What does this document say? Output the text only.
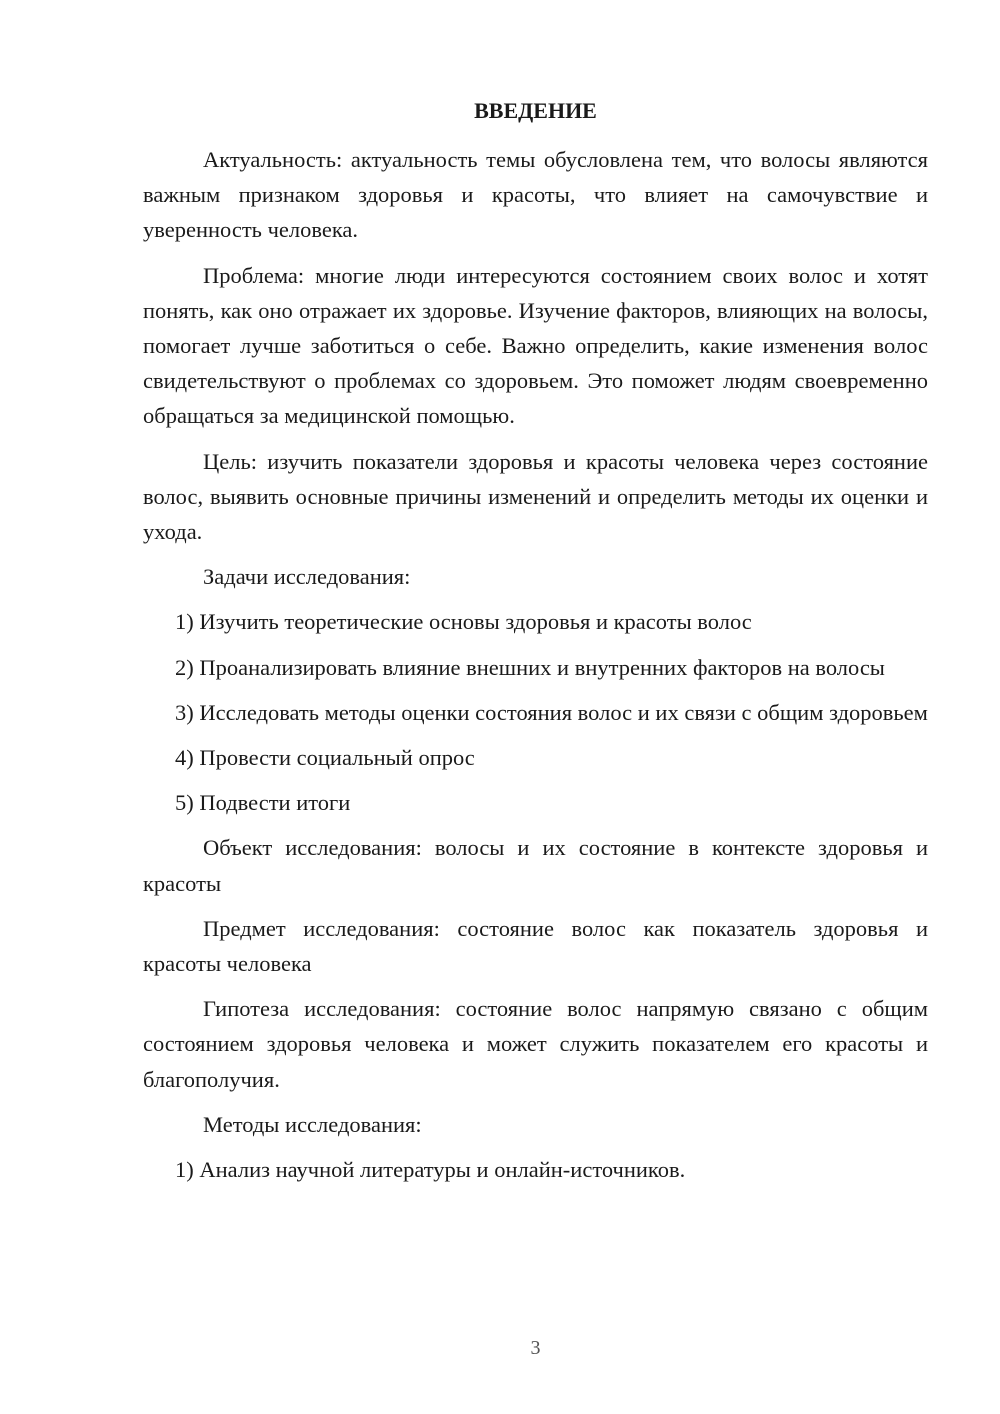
ВВЕДЕНИЕ

Актуальность: актуальность темы обусловлена тем, что волосы являются важным признаком здоровья и красоты, что влияет на самочувствие и уверенность человека.

Проблема: многие люди интересуются состоянием своих волос и хотят понять, как оно отражает их здоровье. Изучение факторов, влияющих на волосы, помогает лучше заботиться о себе. Важно определить, какие изменения волос свидетельствуют о проблемах со здоровьем. Это поможет людям своевременно обращаться за медицинской помощью.

Цель: изучить показатели здоровья и красоты человека через состояние волос, выявить основные причины изменений и определить методы их оценки и ухода.

Задачи исследования:

1) Изучить теоретические основы здоровья и красоты волос

2) Проанализировать влияние внешних и внутренних факторов на волосы

3) Исследовать методы оценки состояния волос и их связи с общим здоровьем

4) Провести социальный опрос

5) Подвести итоги

Объект исследования: волосы и их состояние в контексте здоровья и красоты

Предмет исследования: состояние волос как показатель здоровья и красоты человека

Гипотеза исследования: состояние волос напрямую связано с общим состоянием здоровья человека и может служить показателем его красоты и благополучия.

Методы исследования:

1) Анализ научной литературы и онлайн-источников.

3
